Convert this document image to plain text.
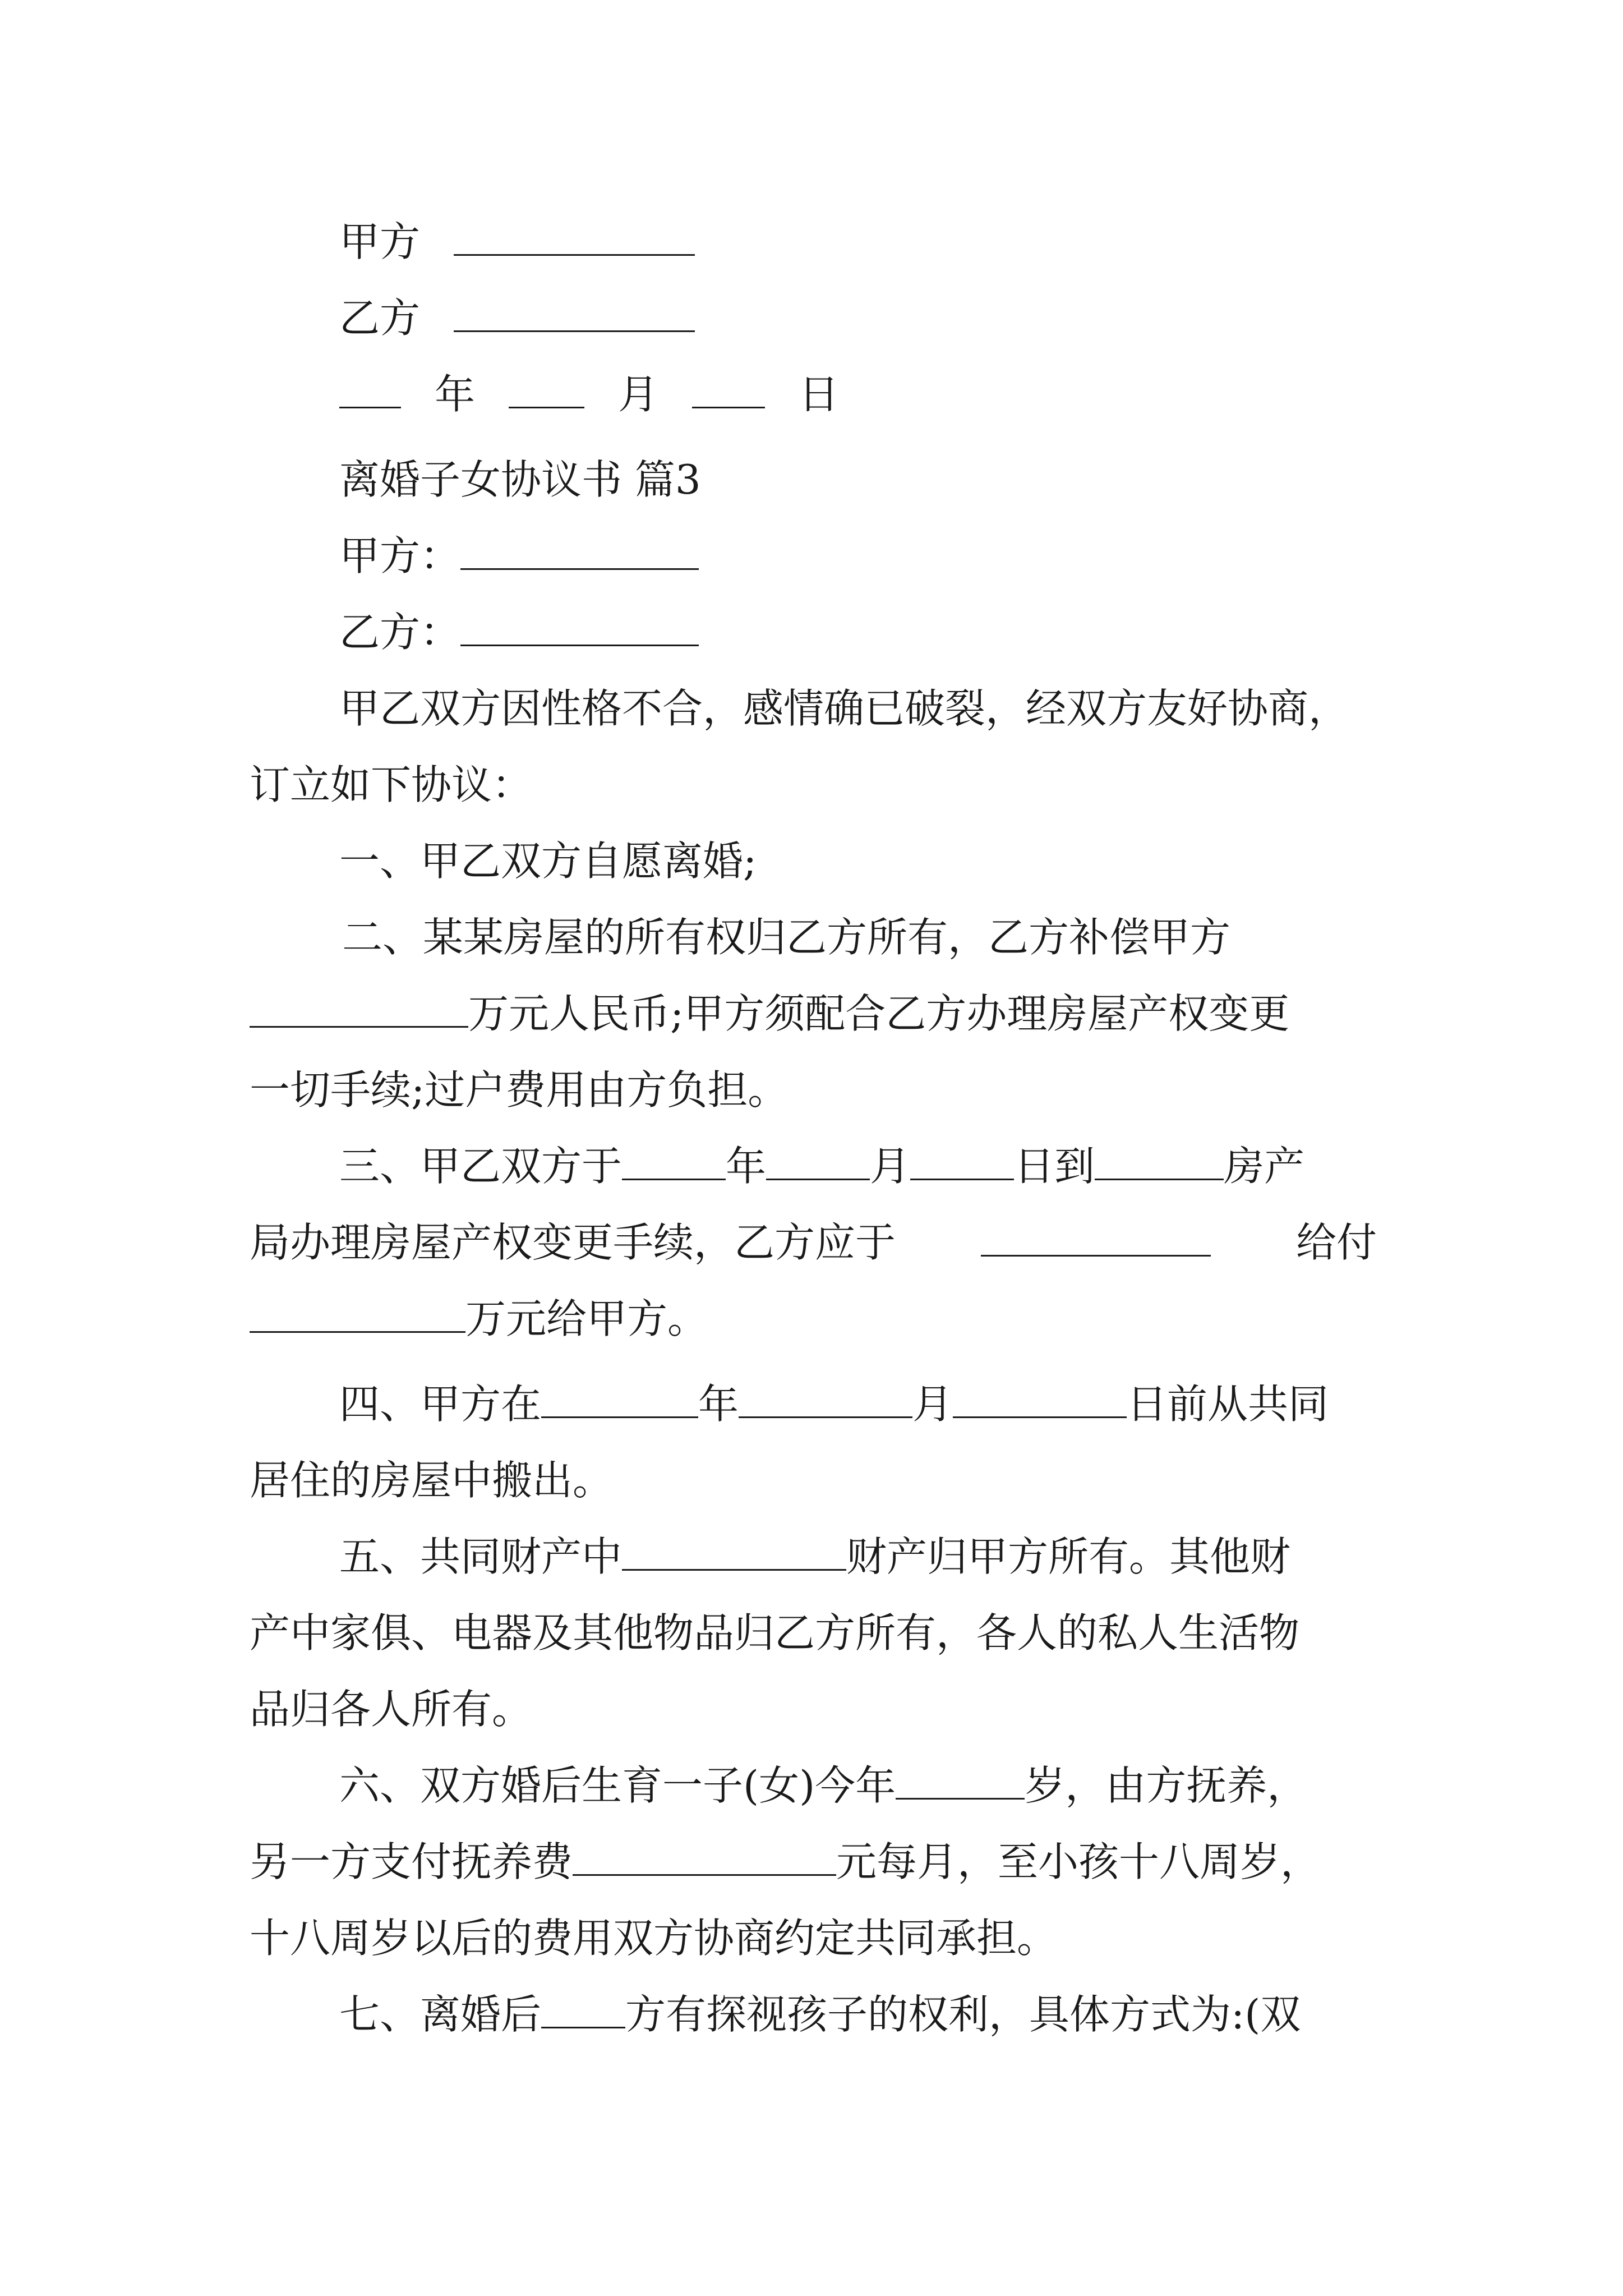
甲方
乙方
年	月	日
离婚子女协议书 篇3
甲方：
乙方：
甲乙双方因性格不合，感情确已破裂，经双方友好协商，
订立如下协议：
一、甲乙双方自愿离婚;
二、某某房屋的所有权归乙方所有，乙方补偿甲方
万元人民币;甲方须配合乙方办理房屋产权变更
一切手续;过户费用由方负担。
三、甲乙双方于	年	月	日到	房产
局办理房屋产权变更手续，乙方应于	给付
万元给甲方。
四、甲方在	年	月	日前从共同
居住的房屋中搬出。
五、共同财产中	财产归甲方所有。其他财
产中家俱、电器及其他物品归乙方所有，各人的私人生活物
品归各人所有。
六、双方婚后生育一子(女)今年	岁，由方抚养，
另一方支付抚养费	元每月，至小孩十八周岁，
十八周岁以后的费用双方协商约定共同承担。
七、离婚后 方有探视孩子的权利，具体方式为:(双
